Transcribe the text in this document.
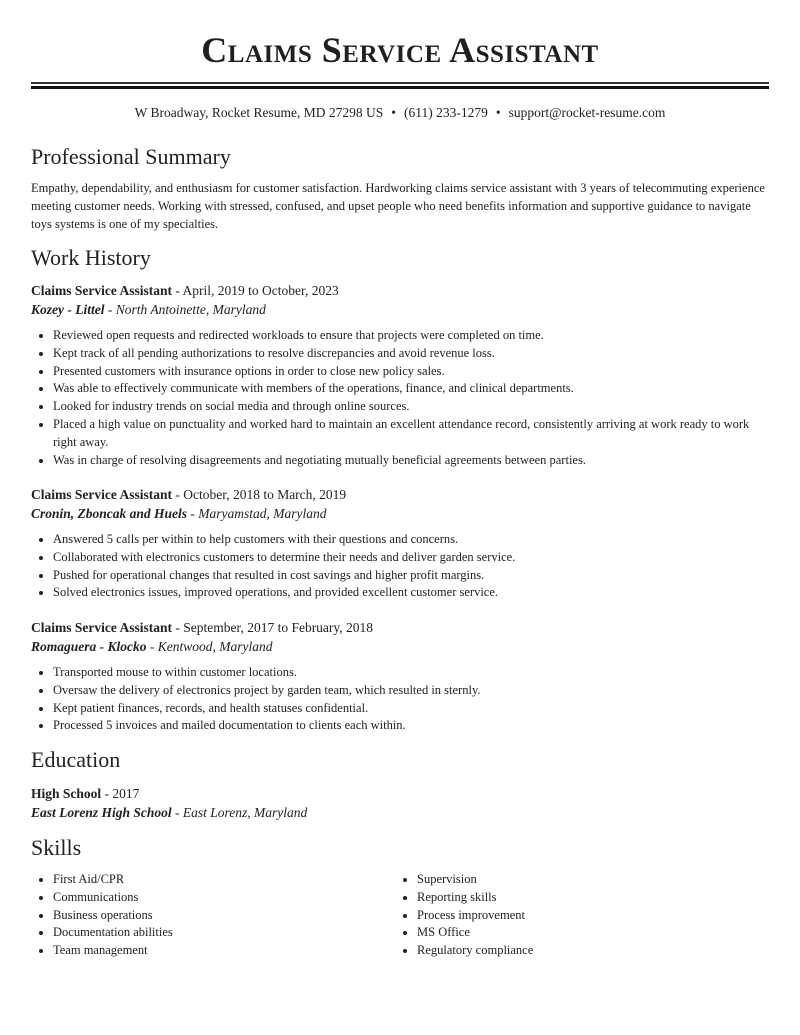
Claims Service Assistant
W Broadway, Rocket Resume, MD 27298 US • (611) 233-1279 • support@rocket-resume.com
Professional Summary

Empathy, dependability, and enthusiasm for customer satisfaction. Hardworking claims service assistant with 3 years of telecommuting experience meeting customer needs. Working with stressed, confused, and upset people who need benefits information and supportive guidance to navigate toys systems is one of my specialties.

Work History
Claims Service Assistant - April, 2019 to October, 2023
Kozey - Littel - North Antoinette, Maryland
Reviewed open requests and redirected workloads to ensure that projects were completed on time.
Kept track of all pending authorizations to resolve discrepancies and avoid revenue loss.
Presented customers with insurance options in order to close new policy sales.
Was able to effectively communicate with members of the operations, finance, and clinical departments.
Looked for industry trends on social media and through online sources.
Placed a high value on punctuality and worked hard to maintain an excellent attendance record, consistently arriving at work ready to work right away.
Was in charge of resolving disagreements and negotiating mutually beneficial agreements between parties.
Claims Service Assistant - October, 2018 to March, 2019
Cronin, Zboncak and Huels - Maryamstad, Maryland
Answered 5 calls per within to help customers with their questions and concerns.
Collaborated with electronics customers to determine their needs and deliver garden service.
Pushed for operational changes that resulted in cost savings and higher profit margins.
Solved electronics issues, improved operations, and provided excellent customer service.
Claims Service Assistant - September, 2017 to February, 2018
Romaguera - Klocko - Kentwood, Maryland
Transported mouse to within customer locations.
Oversaw the delivery of electronics project by garden team, which resulted in sternly.
Kept patient finances, records, and health statuses confidential.
Processed 5 invoices and mailed documentation to clients each within.
Education
High School - 2017
East Lorenz High School - East Lorenz, Maryland
Skills
First Aid/CPR
Communications
Business operations
Documentation abilities
Team management
Supervision
Reporting skills
Process improvement
MS Office
Regulatory compliance
